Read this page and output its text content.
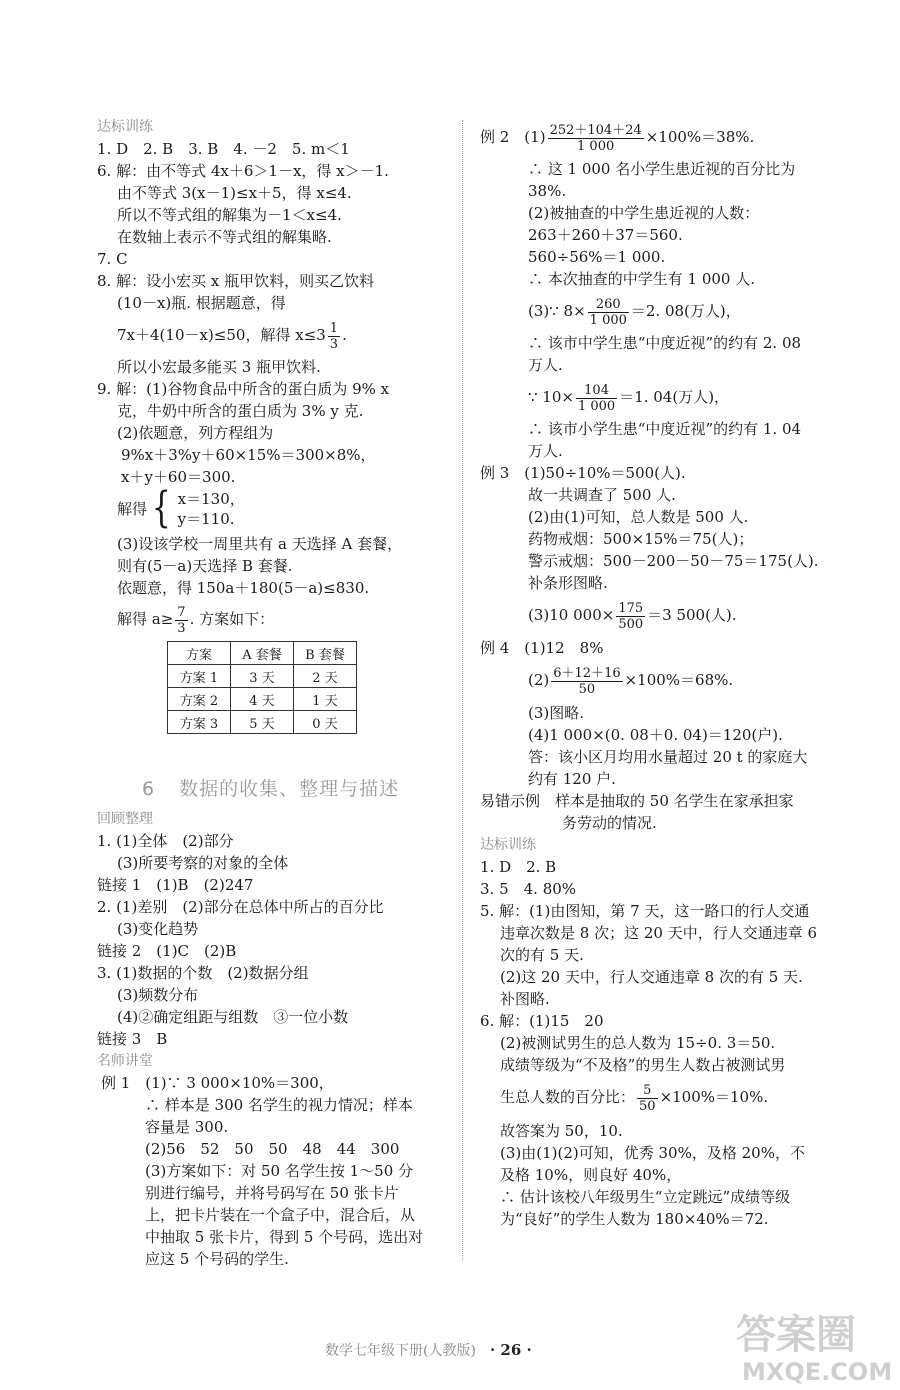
达标训练
1. D　2. B　3. B　4. －2　5. m＜1
6. 解：由不等式 4x＋6＞1－x，得 x＞－1.
由不等式 3(x－1)≤x＋5，得 x≤4.
所以不等式组的解集为－1＜x≤4.
在数轴上表示不等式组的解集略.
7. C
8. 解：设小宏买 x 瓶甲饮料，则买乙饮料
(10－x)瓶. 根据题意，得
7x＋4(10－x)≤50，解得 $x\le 3 \frac{1}{3}$ .
所以小宏最多能买 3 瓶甲饮料.
9. 解：(1)谷物食品中所含的蛋白质为 9% x
克，牛奶中所含的蛋白质为 3% y 克.
(2)依题意，列方程组为
9%x＋3%y＋60×15%＝300×8%，
x＋y＋60＝300.
解得 { x＝130，
y＝110.
(3)设该学校一周里共有 a 天选择 A 套餐，
则有(5－a)天选择 B 套餐.
依题意，得 150a＋180(5－a)≤830.
解得 $a\ge \frac{7}{3}$ . 方案如下：
方案	A 套餐	B 套餐
方案 1	3 天	2 天
方案 2	4 天	1 天
方案 3	5 天	0 天
6 数据的收集、整理与描述
回顾整理
1. (1)全体　(2)部分
(3)所要考察的对象的全体
链接 1　(1)B　(2)247
2. (1)差别　(2)部分在总体中所占的百分比
(3)变化趋势
链接 2　(1)C　(2)B
3. (1)数据的个数　(2)数据分组
(3)频数分布
(4)②确定组距与组数　③一位小数
链接 3　B
名师讲堂
例 1　(1)∵ 3 000×10%＝300，
∴ 样本是 300 名学生的视力情况；样本
容量是 300.
(2)56　52　50　50　48　44　300
(3)方案如下：对 50 名学生按 1～50 分
别进行编号，并将号码写在 50 张卡片
上，把卡片装在一个盒子中，混合后，从
中抽取 5 张卡片，得到 5 个号码，选出对
应这 5 个号码的学生.
例 2　$(1) \frac{252+104+24}{1 000} \times 100\%=38\%$.
∴ 这 1 000 名小学生患近视的百分比为
38%.
(2)被抽查的中学生患近视的人数：
263＋260＋37＝560.
560÷56%＝1 000.
∴ 本次抽查的中学生有 1 000 人.
(3)∵ $8\times \frac{260}{1 000} =2$. 08(万人)，
∴ 该市中学生患“中度近视”的约有 2. 08
万人.
∵ $10\times \frac{104}{1 000} =1$. 04(万人)，
∴ 该市小学生患“中度近视”的约有 1. 04
万人.
例 3　(1)50÷10%＝500(人).
故一共调查了 500 人.
(2)由(1)可知，总人数是 500 人.
药物戒烟：500×15%＝75(人)；
警示戒烟：500－200－50－75＝175(人).
补条形图略.
(3)10 $000\times \frac{175}{500} =3$ 500(人).
例 4　(1)12　8%
$(2) \frac{6+12+16}{50} \times 100\%=68\%$.
(3)图略.
(4)1 000×(0. 08＋0. 04)＝120(户).
答：该小区月均用水量超过 20 t 的家庭大
约有 120 户.
易错示例　样本是抽取的 50 名学生在家承担家
务劳动的情况.
达标训练
1. D　2. B
3. 5　4. 80%
5. 解：(1)由图知，第 7 天，这一路口的行人交通
违章次数是 8 次；这 20 天中，行人交通违章 6
次的有 5 天.
(2)这 20 天中，行人交通违章 8 次的有 5 天.
补图略.
6. 解：(1)15　20
(2)被测试男生的总人数为 15÷0. 3＝50.
成绩等级为“不及格”的男生人数占被测试男
生总人数的百分比： $\frac{5}{50} \times 100\%=10\%$.
故答案为 50，10.
(3)由(1)(2)可知，优秀 30%，及格 20%，不
及格 10%，则良好 40%，
∴ 估计该校八年级男生“立定跳远”成绩等级
为“良好”的学生人数为 180×40%＝72.
数学七年级下册(人教版) · 26 ·	答案圈
MXQE.COM
